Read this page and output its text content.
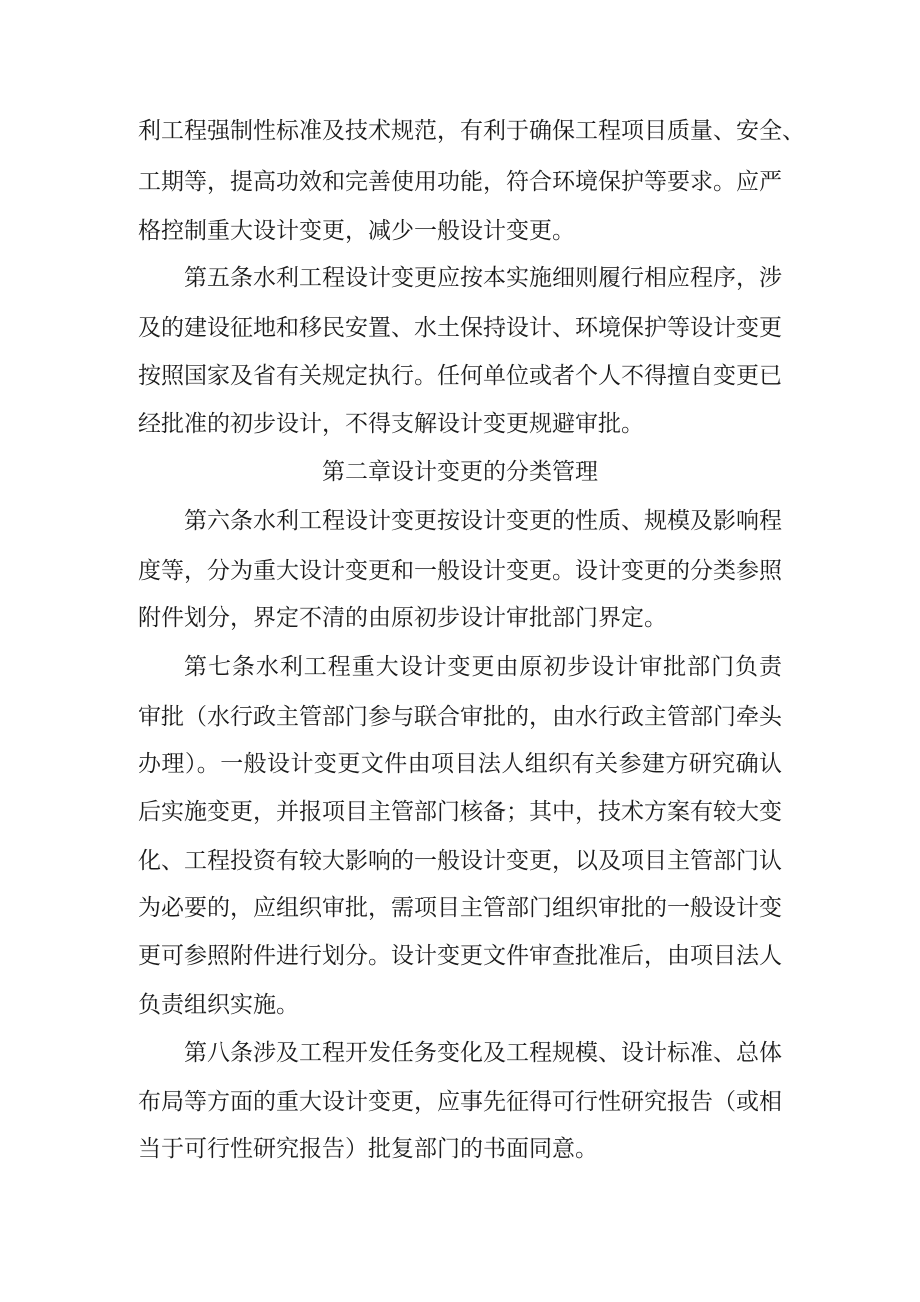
利工程强制性标准及技术规范，有利于确保工程项目质量、安全、
工期等，提高功效和完善使用功能，符合环境保护等要求。应严
格控制重大设计变更，减少一般设计变更。
第五条水利工程设计变更应按本实施细则履行相应程序，涉
及的建设征地和移民安置、水土保持设计、环境保护等设计变更
按照国家及省有关规定执行。任何单位或者个人不得擅自变更已
经批准的初步设计，不得支解设计变更规避审批。
第二章设计变更的分类管理
第六条水利工程设计变更按设计变更的性质、规模及影响程
度等，分为重大设计变更和一般设计变更。设计变更的分类参照
附件划分，界定不清的由原初步设计审批部门界定。
第七条水利工程重大设计变更由原初步设计审批部门负责
审批（水行政主管部门参与联合审批的，由水行政主管部门牵头
办理）。一般设计变更文件由项目法人组织有关参建方研究确认
后实施变更，并报项目主管部门核备；其中，技术方案有较大变
化、工程投资有较大影响的一般设计变更，以及项目主管部门认
为必要的，应组织审批，需项目主管部门组织审批的一般设计变
更可参照附件进行划分。设计变更文件审查批准后，由项目法人
负责组织实施。
第八条涉及工程开发任务变化及工程规模、设计标准、总体
布局等方面的重大设计变更，应事先征得可行性研究报告（或相
当于可行性研究报告）批复部门的书面同意。
